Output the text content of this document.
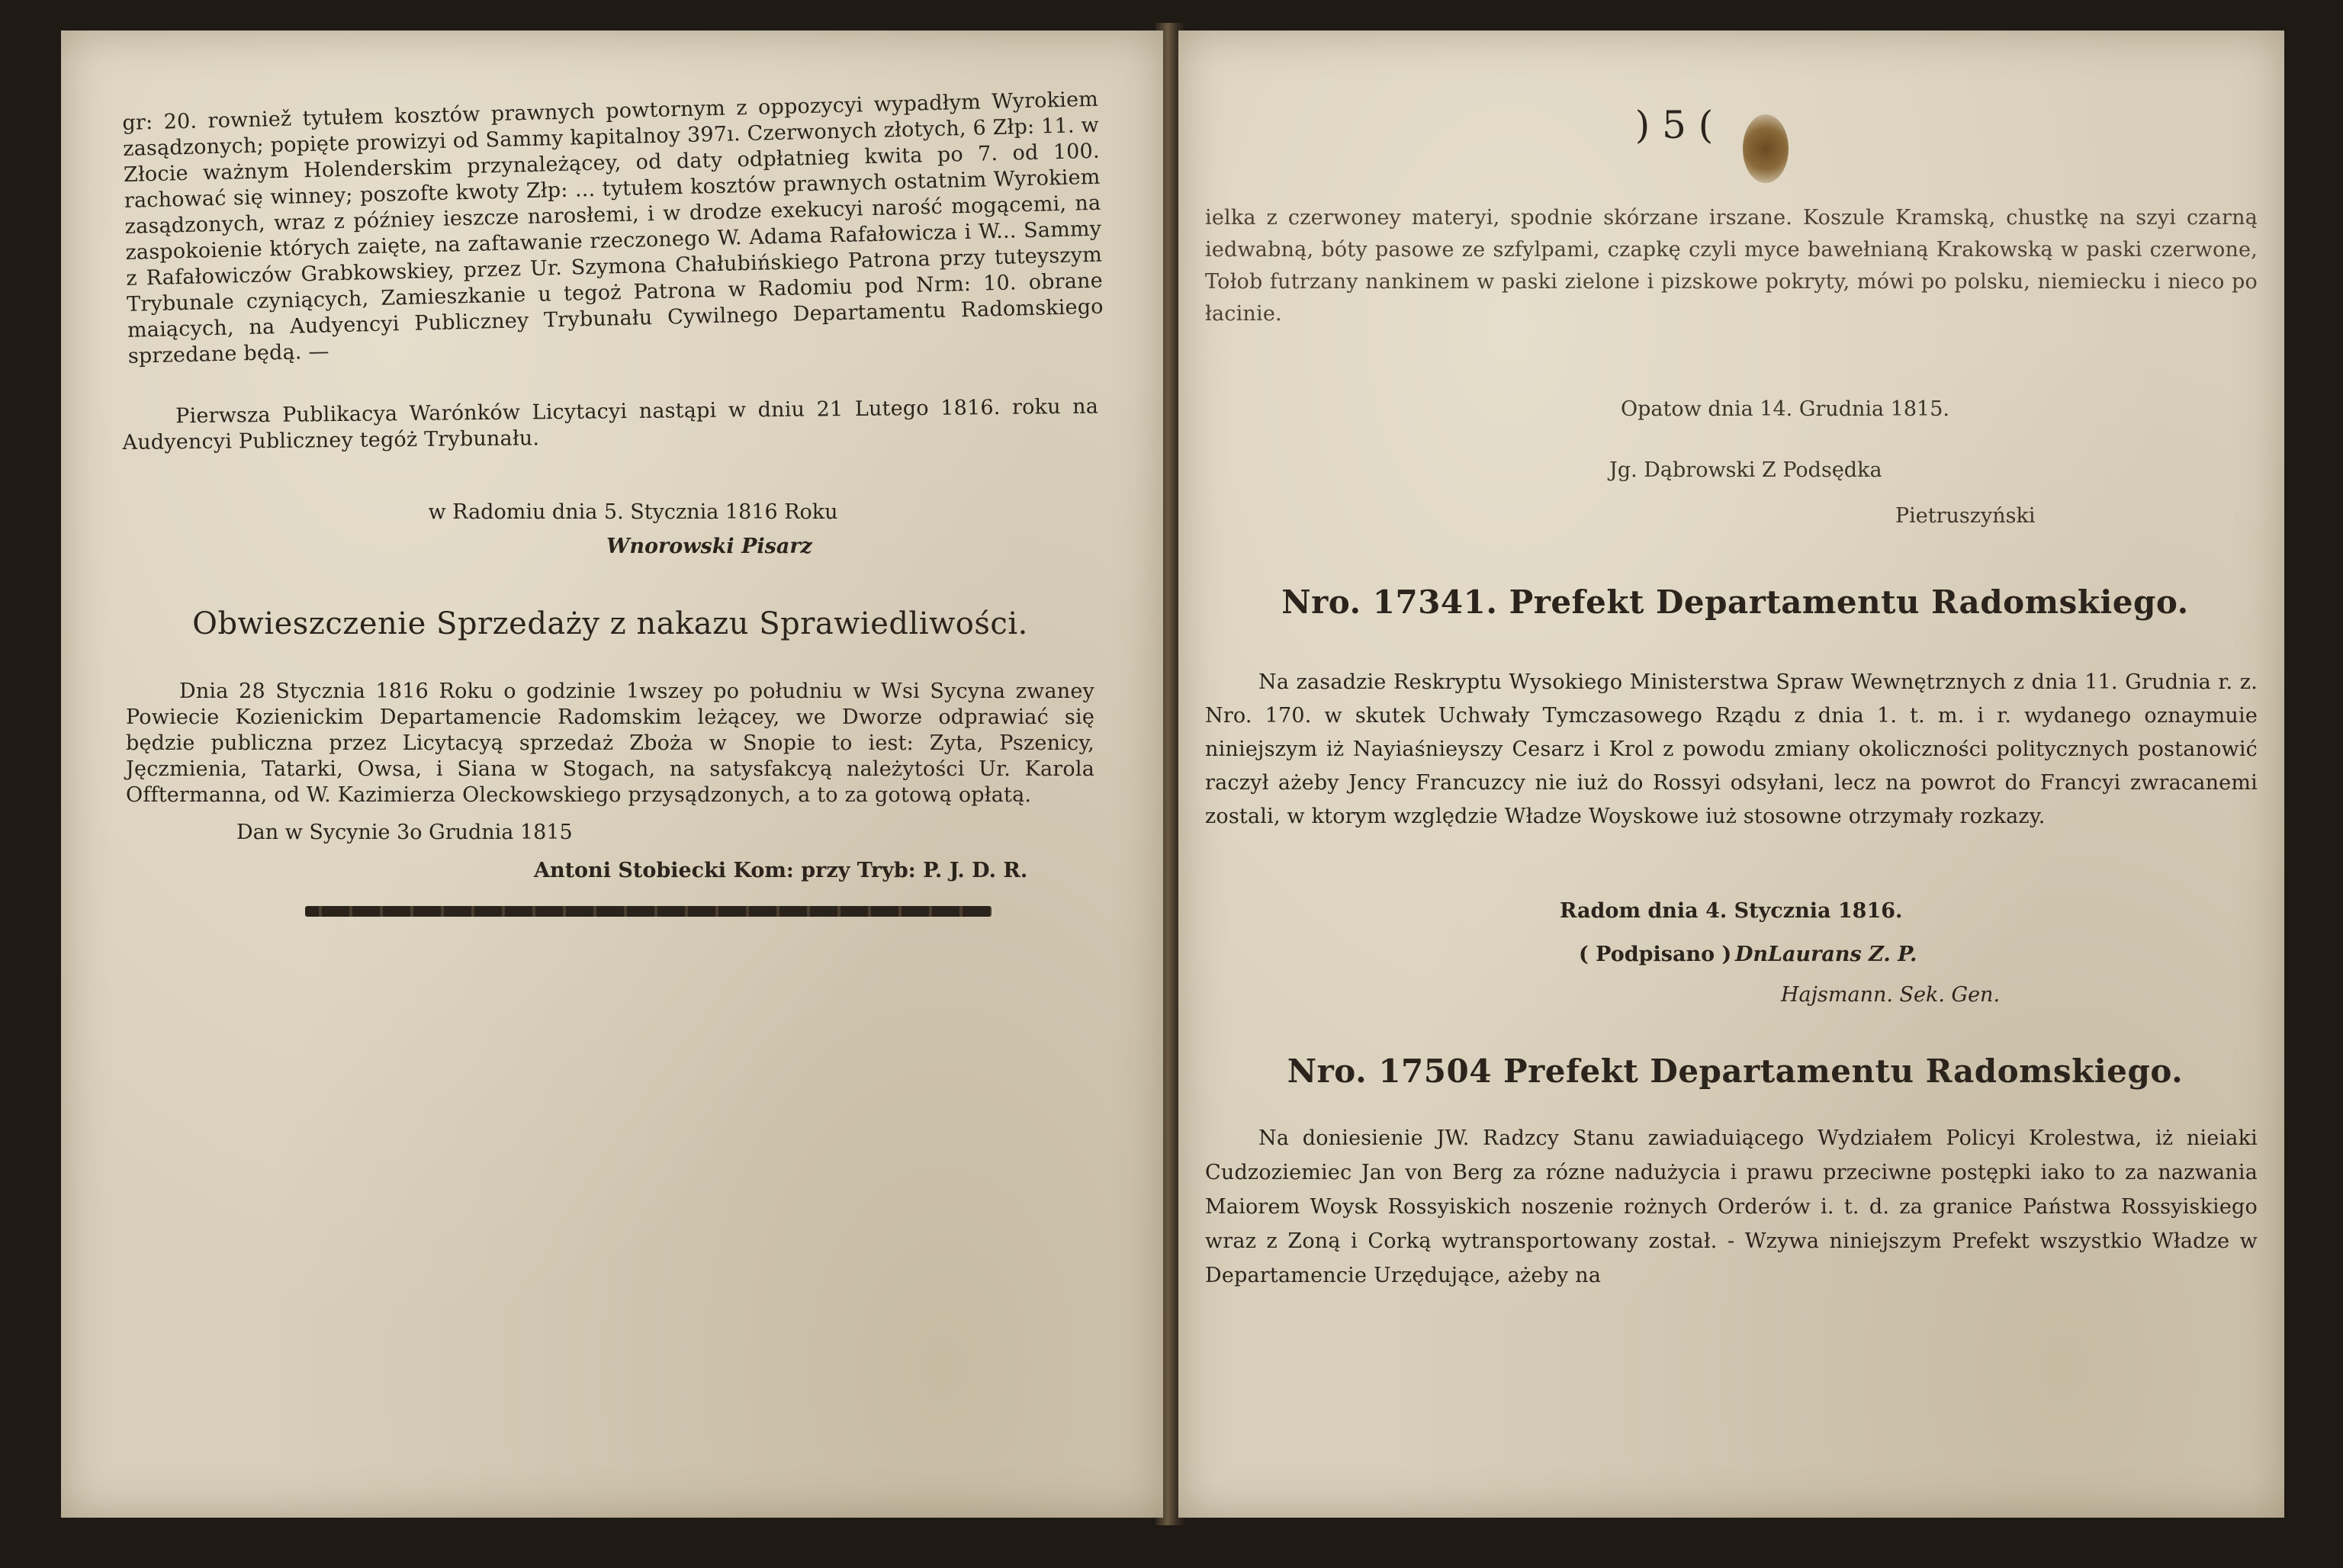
gr: 20. rowniež tytułem kosztów prawnych powtornym z oppozycyi wypadłym Wyrokiem zasądzonych; popięte prowizyi od Sammy kapitalnoy 397ı. Czerwonych złotych, 6 Złp: 11. w Złocie ważnym Holenderskim przynależącey, od daty odpłatnieg kwita po 7. od 100. rachować się winney; poszofte kwoty Złp: ... tytułem kosztów prawnych ostatnim Wyrokiem zasądzonych, wraz z późniey ieszcze narosłemi, i w drodze exekucyi narość mogącemi, na zaspokoienie których zaięte, na zaftawanie rzeczonego W. Adama Rafałowicza i W... Sammy z Rafałowiczów Grabkowskiey, przez Ur. Szymona Chałubińskiego Patrona przy tuteyszym Trybunale czyniących, Zamieszkanie u tegoż Patrona w Radomiu pod Nrm: 10. obrane maiących, na Audyencyi Publiczney Trybunału Cywilnego Departamentu Radomskiego sprzedane będą. —

Pierwsza Publikacya Warónków Licytacyi nastąpi w dniu 21 Lutego 1816. roku na Audyencyi Publiczney tegóż Trybunału.

w Radomiu dnia 5. Stycznia 1816 Roku

Wnorowski Pisarz

Obwieszczenie Sprzedaży z nakazu Sprawiedliwości.

Dnia 28 Stycznia 1816 Roku o godzinie 1wszey po południu w Wsi Sycyna zwaney Powiecie Kozienickim Departamencie Radomskim leżącey, we Dworze odprawiać się będzie publiczna przez Licytacyą sprzedaż Zboża w Snopie to iest: Zyta, Pszenicy, Jęczmienia, Tatarki, Owsa, i Siana w Stogach, na satysfakcyą należytości Ur. Karola Offtermanna, od W. Kazimierza Oleckowskiego przysądzonych, a to za gotową opłatą.

Dan w Sycynie 3o Grudnia 1815

Antoni Stobiecki Kom: przy Tryb: P. J. D. R.

) 5 (

ielka z czerwoney materyi, spodnie skórzane irszane. Koszule Kramską, chustkę na szyi czarną iedwabną, bóty pasowe ze szfylpami, czapkę czyli myce bawełnianą Krakowską w paski czerwone, Tołob futrzany nankinem w paski zielone i pizskowe pokryty, mówi po polsku, niemiecku i nieco po łacinie.

Opatow dnia 14. Grudnia 1815.

Jg. Dąbrowski Z Podsędka

Pietruszyński

Nro. 17341. Prefekt Departamentu Radomskiego.

Na zasadzie Reskryptu Wysokiego Ministerstwa Spraw Wewnętrznych z dnia 11. Grudnia r. z. Nro. 170. w skutek Uchwały Tymczasowego Rządu z dnia 1. t. m. i r. wydanego oznaymuie niniejszym iż Nayiaśnieyszy Cesarz i Krol z powodu zmiany okoliczności politycznych postanowić raczył ażeby Jency Francuzcy nie iuż do Rossyi odsyłani, lecz na powrot do Francyi zwracanemi zostali, w ktorym względzie Władze Woyskowe iuż stosowne otrzymały rozkazy.

Radom dnia 4. Stycznia 1816.

( Podpisano ) DnLaurans Z. P.

Hajsmann. Sek. Gen.

Nro. 17504 Prefekt Departamentu Radomskiego.

Na doniesienie JW. Radzcy Stanu zawiaduiącego Wydziałem Policyi Krolestwa, iż nieiaki Cudzoziemiec Jan von Berg za rózne nadużycia i prawu przeciwne postępki iako to za nazwania Maiorem Woysk Rossyiskich noszenie rożnych Orderów i. t. d. za granice Państwa Rossyiskiego wraz z Zoną i Corką wytransportowany został. - Wzywa niniejszym Prefekt wszystkio Władze w Departamencie Urzędujące, ażeby na
